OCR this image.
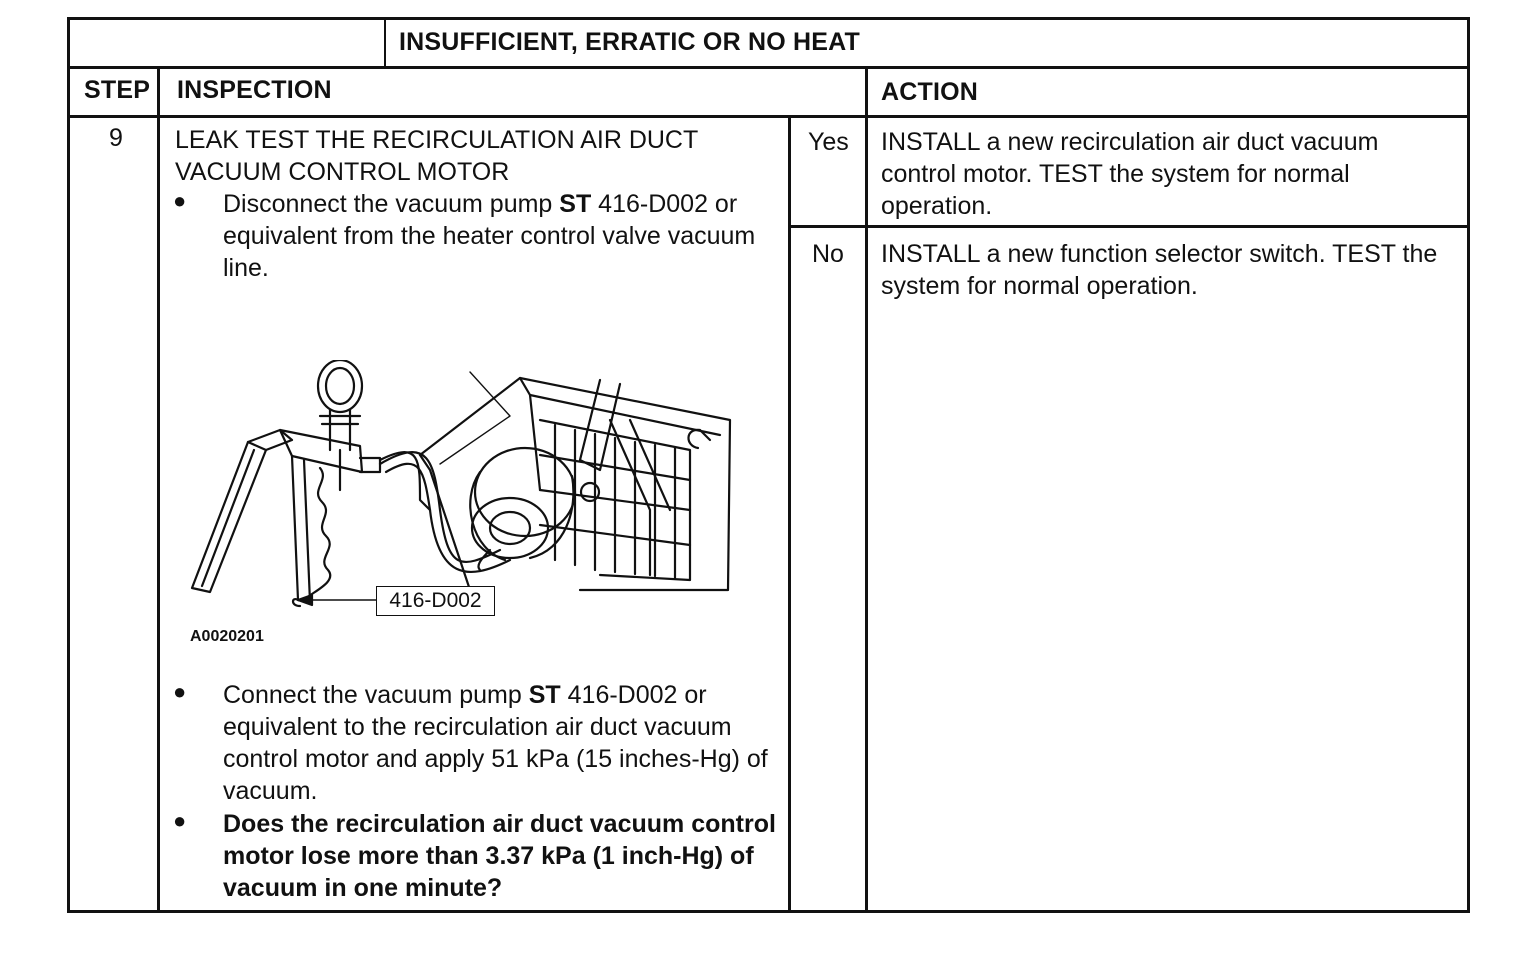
INSUFFICIENT, ERRATIC OR NO HEAT
STEP INSPECTION	ACTION
9 LEAK TEST THE RECIRCULATION AIR DUCT VACUUM CONTROL MOTOR
● Disconnect the vacuum pump ST 416-D002 or equivalent from the heater control valve vacuum line.
416-D002
A0020201
● Connect the vacuum pump ST 416-D002 or equivalent to the recirculation air duct vacuum control motor and apply 51 kPa (15 inches-Hg) of vacuum.
● Does the recirculation air duct vacuum control motor lose more than 3.37 kPa (1 inch-Hg) of vacuum in one minute?
Yes INSTALL a new recirculation air duct vacuum control motor. TEST the system for normal operation.
No INSTALL a new function selector switch. TEST the system for normal operation.
